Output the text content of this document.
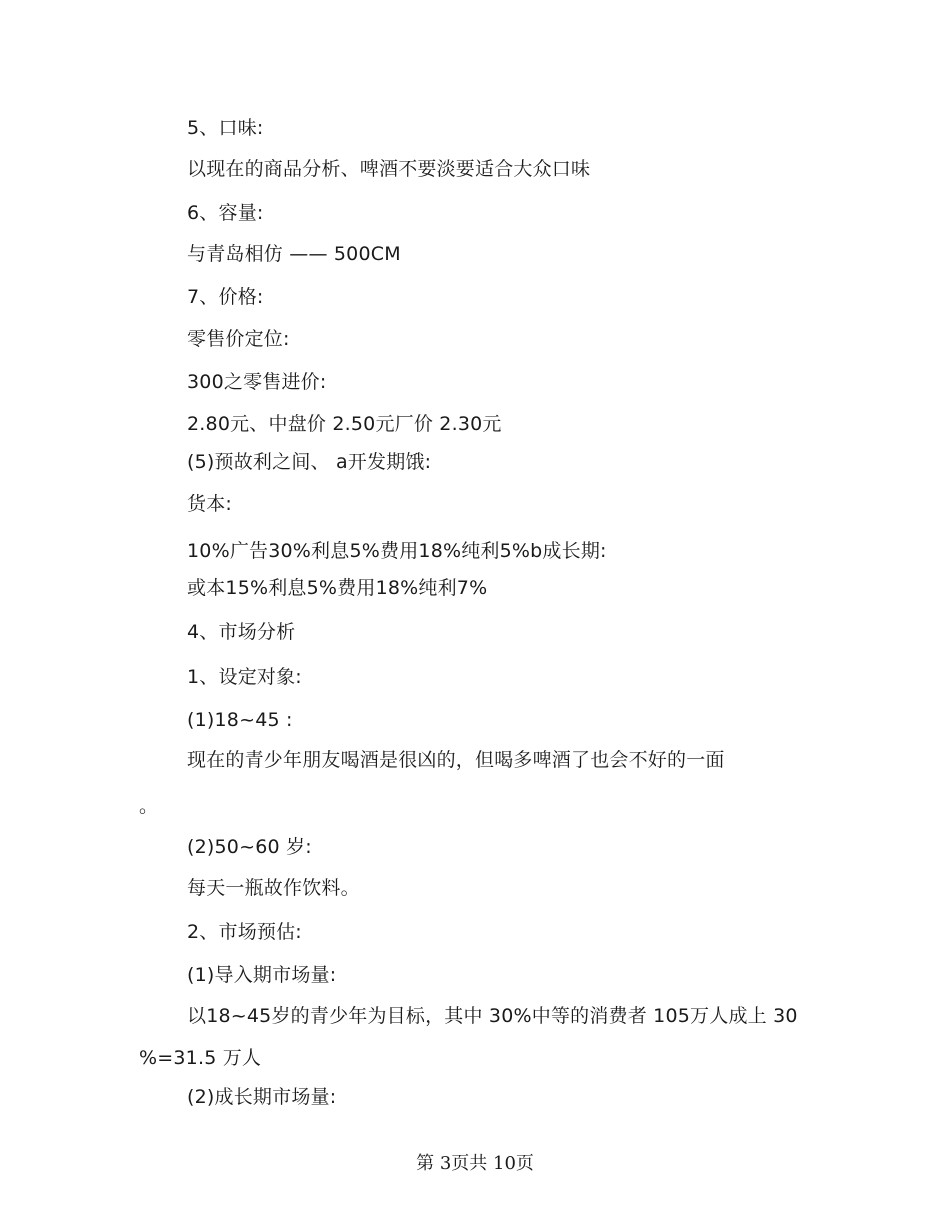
5、口味:
以现在的商品分析、啤酒不要淡要适合大众口味
6、容量:
与青岛相仿 —— 500CM
7、价格:
零售价定位:
300之零售进价:
2.80元、中盘价 2.50元厂价 2.30元
(5)预故利之间、 a开发期饿:
货本:
10%广告30%利息5%费用18%纯利5%b成长期:
或本15%利息5%费用18%纯利7%
4、市场分析
1、设定对象:
(1)18~45 :
现在的青少年朋友喝酒是很凶的，但喝多啤酒了也会不好的一面
。
(2)50~60 岁:
每天一瓶故作饮料。
2、市场预估:
(1)导入期市场量:
以18~45岁的青少年为目标，其中 30%中等的消费者 105万人成上 30
%=31.5 万人
(2)成长期市场量:
第 3页共 10页
